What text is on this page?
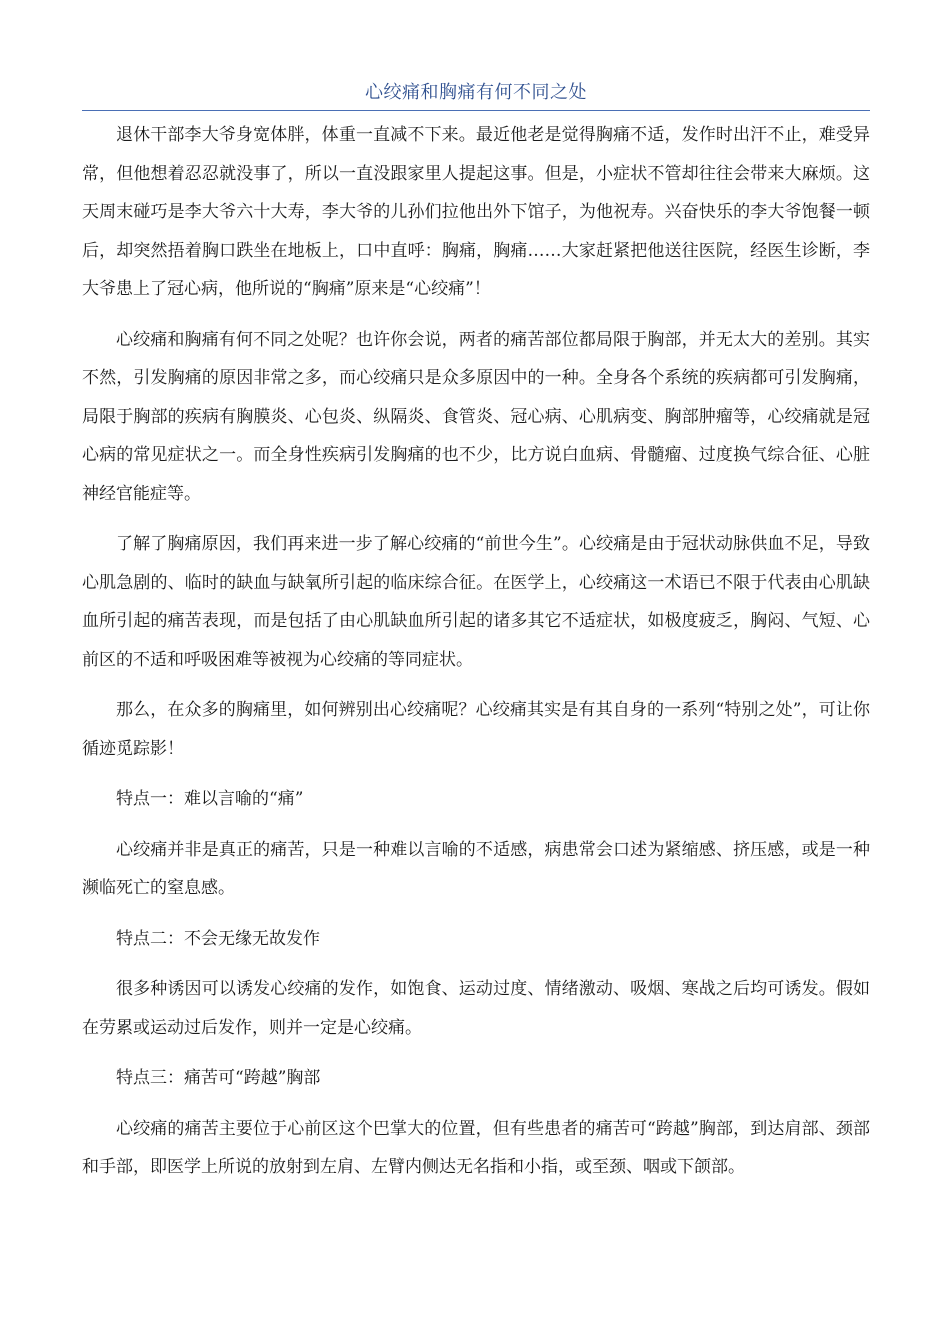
心绞痛和胸痛有何不同之处

退休干部李大爷身宽体胖，体重一直减不下来。最近他老是觉得胸痛不适，发作时出汗不止，难受异常，但他想着忍忍就没事了，所以一直没跟家里人提起这事。但是，小症状不管却往往会带来大麻烦。这天周末碰巧是李大爷六十大寿，李大爷的儿孙们拉他出外下馆子，为他祝寿。兴奋快乐的李大爷饱餐一顿后，却突然捂着胸口跌坐在地板上，口中直呼：胸痛，胸痛……大家赶紧把他送往医院，经医生诊断，李大爷患上了冠心病，他所说的“胸痛”原来是“心绞痛”！

心绞痛和胸痛有何不同之处呢？也许你会说，两者的痛苦部位都局限于胸部，并无太大的差别。其实不然，引发胸痛的原因非常之多，而心绞痛只是众多原因中的一种。全身各个系统的疾病都可引发胸痛，局限于胸部的疾病有胸膜炎、心包炎、纵隔炎、食管炎、冠心病、心肌病变、胸部肿瘤等，心绞痛就是冠心病的常见症状之一。而全身性疾病引发胸痛的也不少，比方说白血病、骨髓瘤、过度换气综合征、心脏神经官能症等。

了解了胸痛原因，我们再来进一步了解心绞痛的“前世今生”。心绞痛是由于冠状动脉供血不足，导致心肌急剧的、临时的缺血与缺氧所引起的临床综合征。在医学上，心绞痛这一术语已不限于代表由心肌缺血所引起的痛苦表现，而是包括了由心肌缺血所引起的诸多其它不适症状，如极度疲乏，胸闷、气短、心前区的不适和呼吸困难等被视为心绞痛的等同症状。

那么，在众多的胸痛里，如何辨别出心绞痛呢？心绞痛其实是有其自身的一系列“特别之处”，可让你循迹觅踪影！

特点一：难以言喻的“痛”

心绞痛并非是真正的痛苦，只是一种难以言喻的不适感，病患常会口述为紧缩感、挤压感，或是一种濒临死亡的窒息感。

特点二：不会无缘无故发作

很多种诱因可以诱发心绞痛的发作，如饱食、运动过度、情绪激动、吸烟、寒战之后均可诱发。假如在劳累或运动过后发作，则并一定是心绞痛。

特点三：痛苦可“跨越”胸部

心绞痛的痛苦主要位于心前区这个巴掌大的位置，但有些患者的痛苦可“跨越”胸部，到达肩部、颈部和手部，即医学上所说的放射到左肩、左臂内侧达无名指和小指，或至颈、咽或下颌部。
